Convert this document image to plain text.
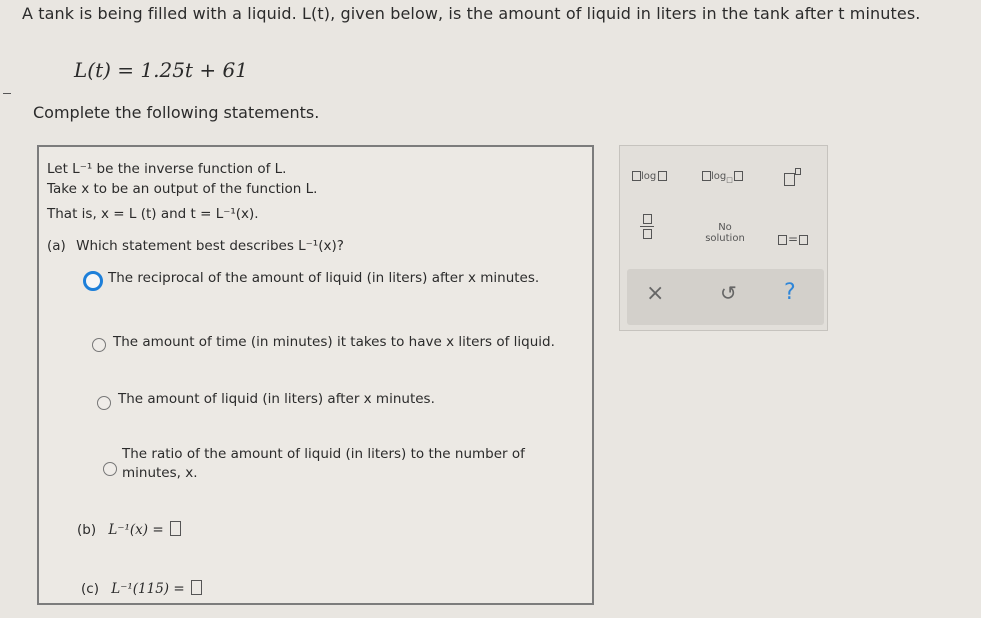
A tank is being filled with a liquid. L(t), given below, is the amount of liquid in liters in the tank after t minutes.
L(t) = 1.25t + 61
Complete the following statements.
Let L⁻¹ be the inverse function of L.
Take x to be an output of the function L.
That is, x = L (t) and t = L⁻¹(x).
(a) Which statement best describes L⁻¹(x)?
The reciprocal of the amount of liquid (in liters) after x minutes.
The amount of time (in minutes) it takes to have x liters of liquid.
The amount of liquid (in liters) after x minutes.
The ratio of the amount of liquid (in liters) to the number of
minutes, x.
(b) L⁻¹(x) =
(c) L⁻¹(115) =
log	$\log_□$
No
solution	=
×	↺ ?
